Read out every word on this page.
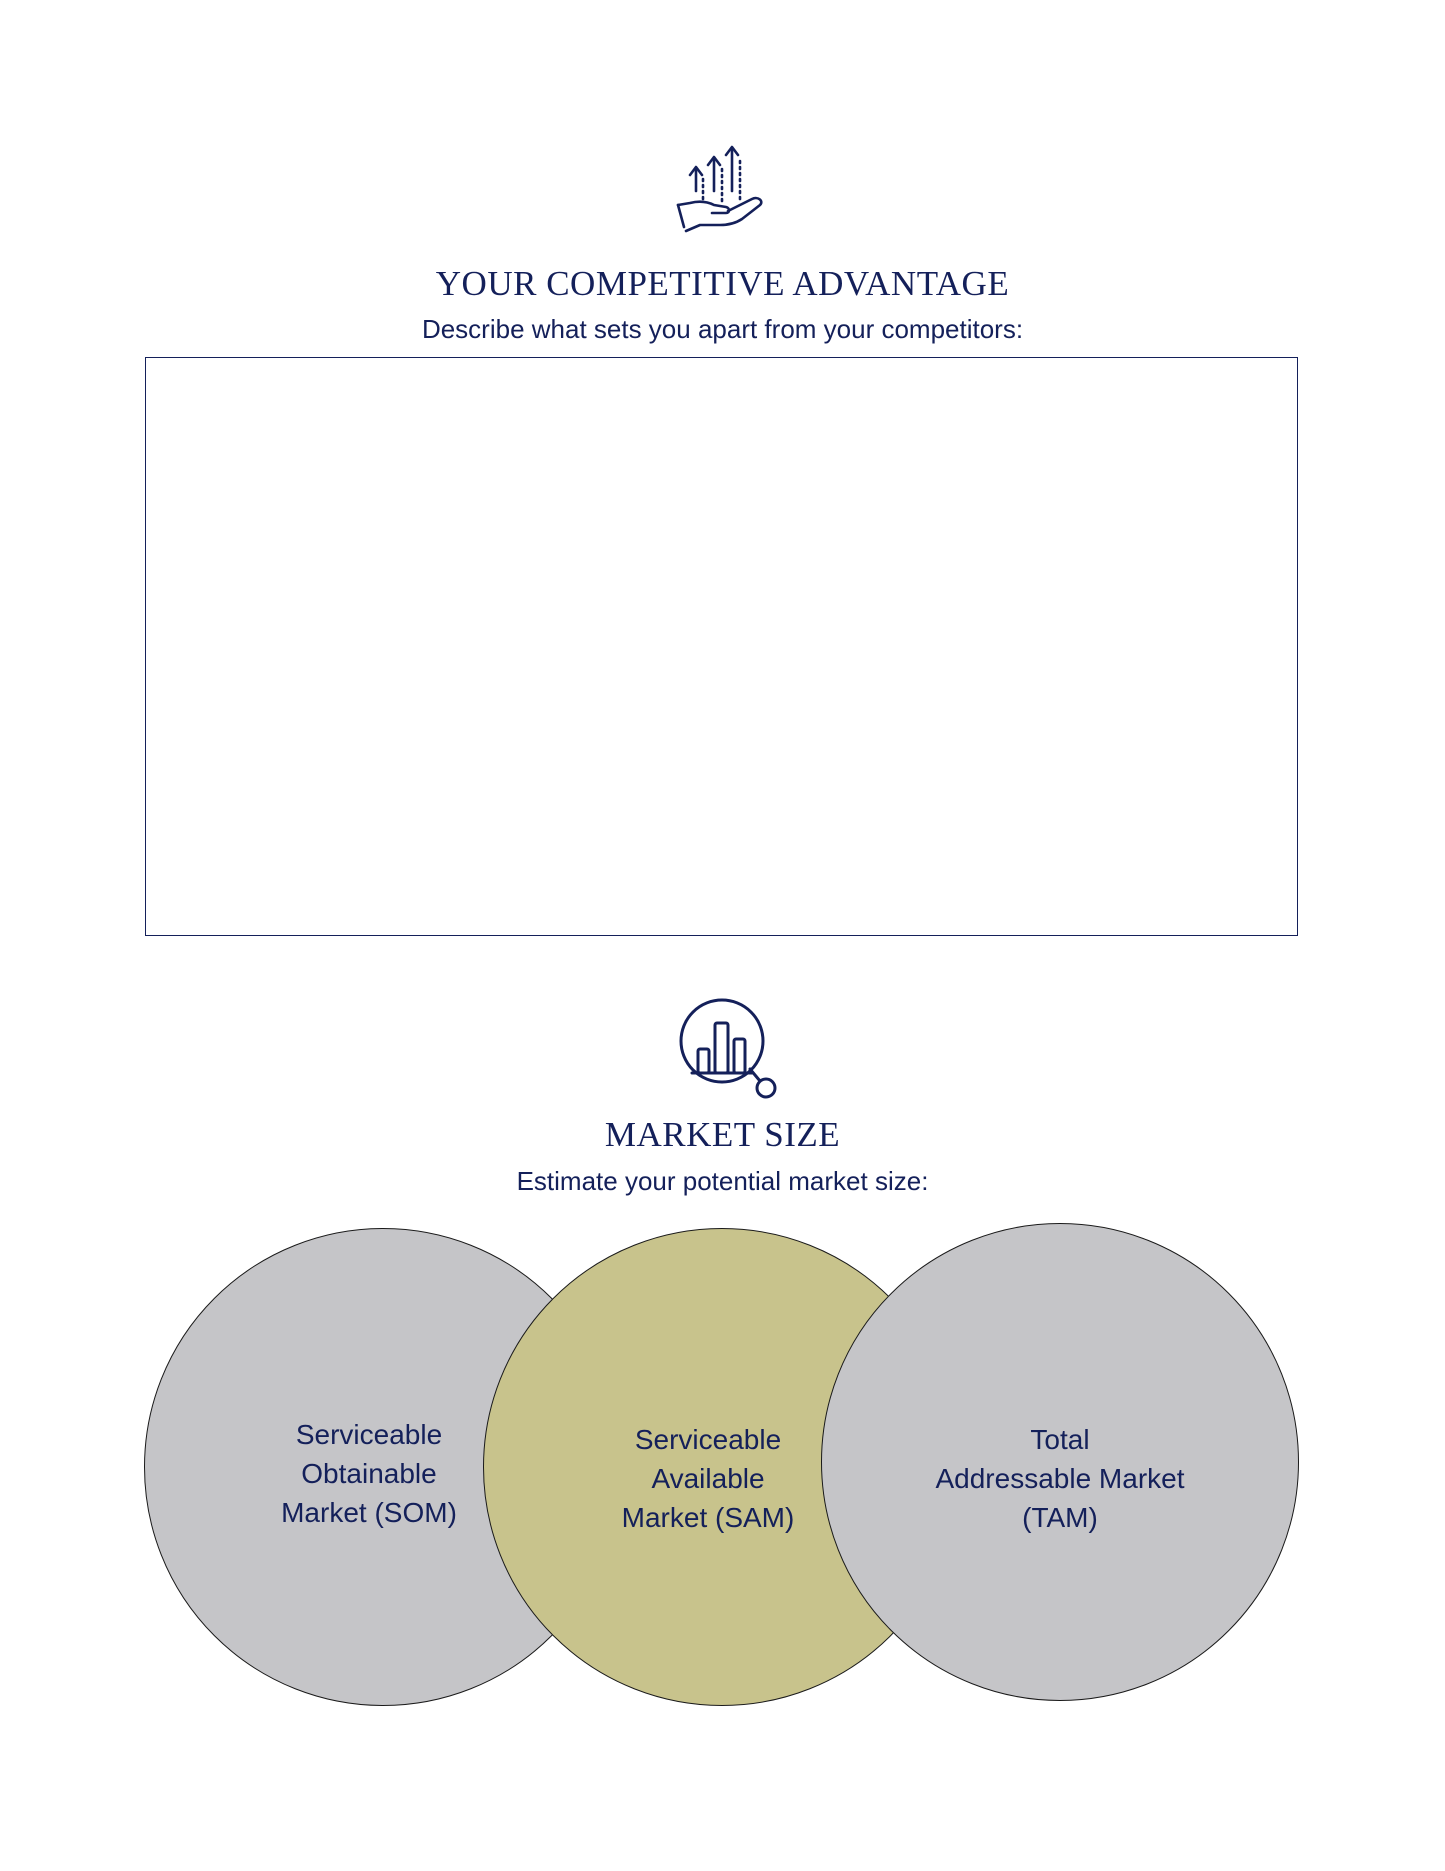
YOUR COMPETITIVE ADVANTAGE
Describe what sets you apart from your competitors:
MARKET SIZE
Estimate your potential market size:
Serviceable
Obtainable
Market (SOM)
Serviceable
Available
Market (SAM)
Total
Addressable Market
(TAM)
